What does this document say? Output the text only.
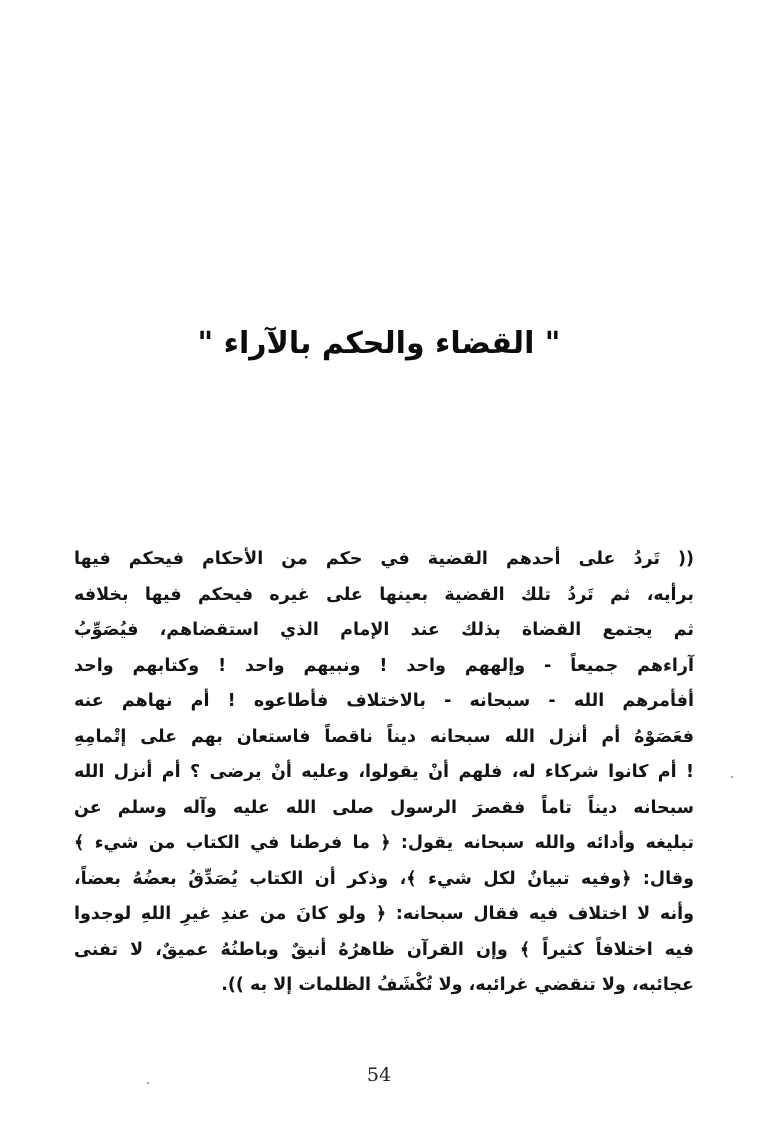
" القضاء والحكم بالآراء "
(( تَردُ على أحدهم القضية في حكم من الأحكام فيحكم فيها
برأيه، ثم تَردُ تلك القضية بعينها على غيره فيحكم فيها بخلافه
ثم يجتمع القضاة بذلك عند الإمام الذي استقضاهم، فيُصَوِّبُ
آراءهم جميعاً - وإلههم واحد ! ونبيهم واحد ! وكتابهم واحد
أفأمرهم الله - سبحانه - بالاختلاف فأطاعوه ! أم نهاهم عنه
فعَصَوْهُ أم أنزل الله سبحانه ديناً ناقصاً فاستعان بهم على إتْمامِهِ
! أم كانوا شركاء له، فلهم أنْ يقولوا، وعليه أنْ يرضى ؟ أم أنزل الله
سبحانه ديناً تاماً فقصرَ الرسول صلى الله عليه وآله وسلم عن
تبليغه وأدائه والله سبحانه يقول: ﴿ ما فرطنا في الكتاب من شيء ﴾
وقال: ﴿وفيه تبيانٌ لكل شيء ﴾، وذكر أن الكتاب يُصَدِّقُ بعضُهُ بعضاً،
وأنه لا اختلاف فيه فقال سبحانه: ﴿ ولو كانَ من عندِ غيرِ اللهِ لوجدوا
فيه اختلافاً كثيراً ﴾ وإن القرآن ظاهرُهُ أنيقٌ وباطنُهُ عميقٌ، لا تفنى
عجائبه، ولا تنقضي غرائبه، ولا تُكْشَفُ الظلمات إلا به )).
54
